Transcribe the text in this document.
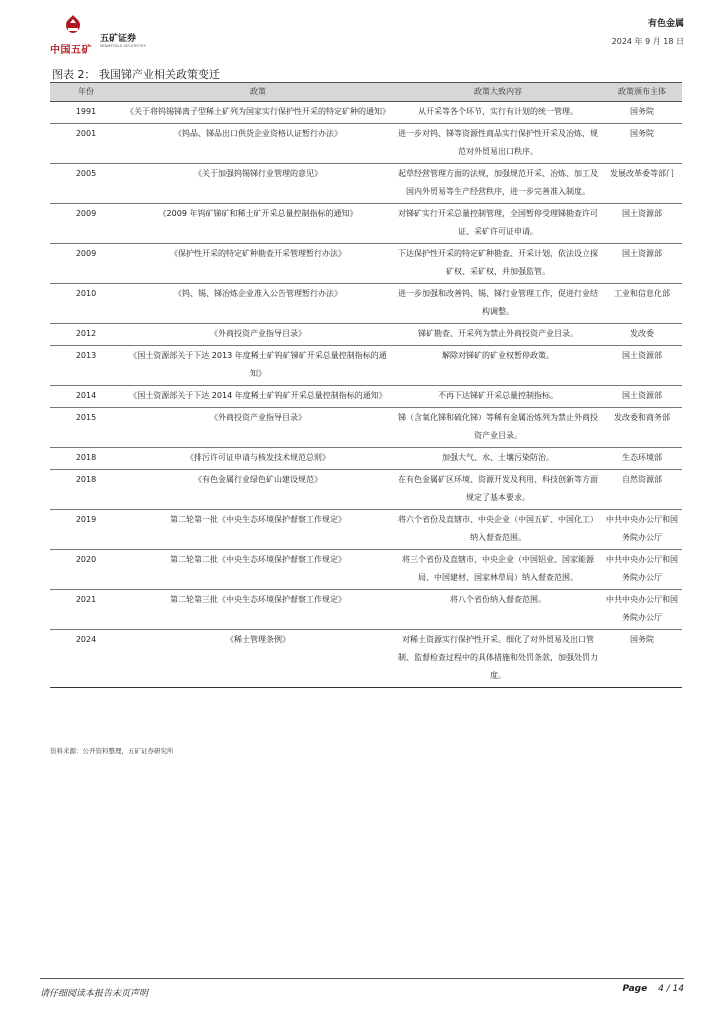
中国五矿
五矿证券
MINMETALS SECURITIES
有色金属
2024 年 9 月 18 日
图表 2： 我国锑产业相关政策变迁
年份	政策	政策大致内容	政策颁布主体
1991	《关于将钨锡锑离子型稀土矿列为国家实行保护性开采的特定矿种的通知》	从开采等各个环节，实行有计划的统一管理。	国务院
2001	《钨品、锑品出口供货企业资格认证暂行办法》	进一步对钨、锑等资源性商品实行保护性开采及冶炼，规范对外贸易出口秩序。	国务院
2005	《关于加强钨锡锑行业管理的意见》	起草经营管理方面的法规，加强规范开采、冶炼、加工及国内外贸易等生产经营秩序，进一步完善准入制度。	发展改革委等部门
2009	《2009 年钨矿锑矿和稀土矿开采总量控制指标的通知》	对锑矿实行开采总量控制管理，全国暂停受理锑勘查许可证、采矿许可证申请。	国土资源部
2009	《保护性开采的特定矿种勘查开采管理暂行办法》	下达保护性开采的特定矿种勘查、开采计划，依法设立探矿权、采矿权，并加强监管。	国土资源部
2010	《钨、锡、锑冶炼企业准入公告管理暂行办法》	进一步加强和改善钨、锡、锑行业管理工作，促进行业结构调整。	工业和信息化部
2012	《外商投资产业指导目录》	锑矿勘查、开采列为禁止外商投资产业目录。	发改委
2013	《国土资源部关于下达 2013 年度稀土矿钨矿锑矿开采总量控制指标的通知》	解除对锑矿的矿业权暂停政策。	国土资源部
2014	《国土资源部关于下达 2014 年度稀土矿钨矿开采总量控制指标的通知》	不再下达锑矿开采总量控制指标。	国土资源部
2015	《外商投资产业指导目录》	锑（含氧化锑和硫化锑）等稀有金属冶炼列为禁止外商投资产业目录。	发改委和商务部
2018	《排污许可证申请与核发技术规范总则》	加强大气、水、土壤污染防治。	生态环境部
2018	《有色金属行业绿色矿山建设规范》	在有色金属矿区环境、资源开发及利用、科技创新等方面规定了基本要求。	自然资源部
2019	第二轮第一批《中央生态环境保护督察工作规定》	将六个省份及直辖市、中央企业（中国五矿、中国化工）纳入督查范围。	中共中央办公厅和国务院办公厅
2020	第二轮第二批《中央生态环境保护督察工作规定》	将三个省份及直辖市、中央企业（中国铝业、国家能源局、中国建材、国家林草局）纳入督查范围。	中共中央办公厅和国务院办公厅
2021	第二轮第三批《中央生态环境保护督察工作规定》	将八个省份纳入督查范围。	中共中央办公厅和国务院办公厅
2024	《稀土管理条例》	对稀土资源实行保护性开采。细化了对外贸易及出口管制、监督检查过程中的具体措施和处罚条款，加强处罚力度。	国务院
资料来源：公开资料整理，五矿证券研究所
请仔细阅读本报告末页声明	Page 4 / 14
